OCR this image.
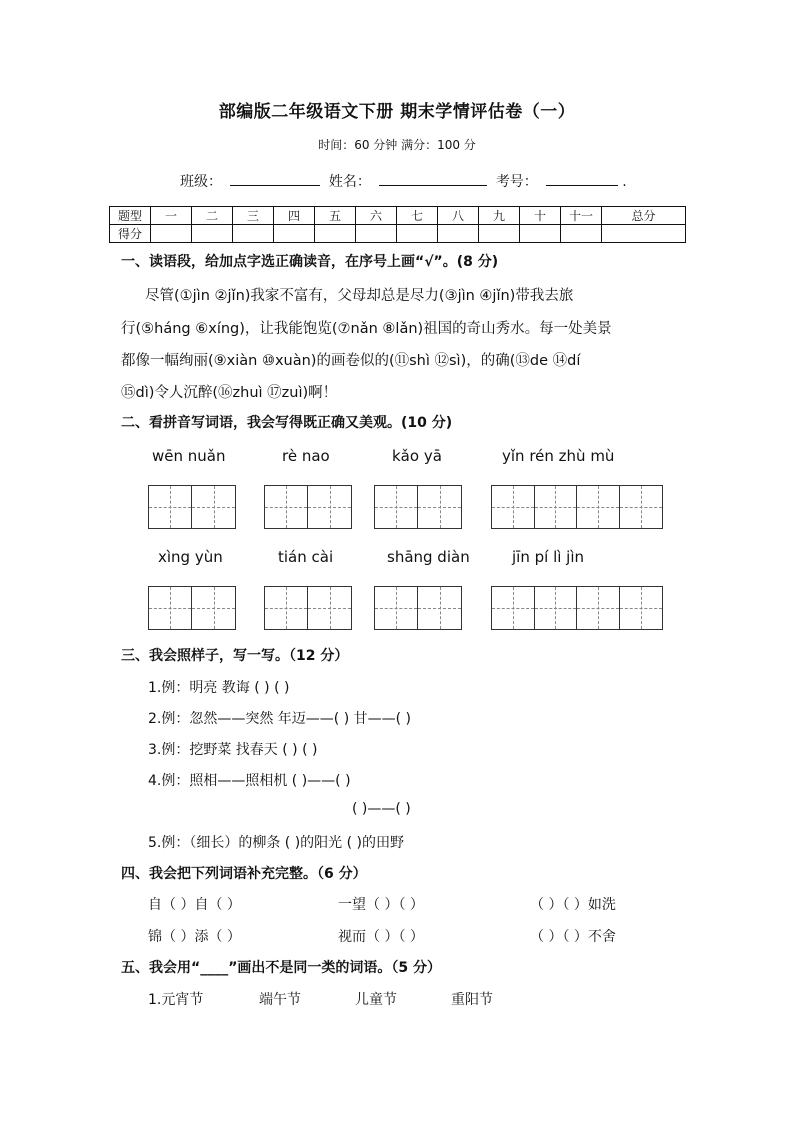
部编版二年级语文下册 期末学情评估卷（一）
时间：60 分钟 满分：100 分
班级：	姓名：	考号：	.
题型	一	二	三	四	五	六	七	八	九	十	十一	总分
得分												
一、读语段，给加点字选正确读音，在序号上画“√”。(8 分)
尽管(①jìn ②jǐn)我家不富有，父母却总是尽力(③jìn ④jǐn)带我去旅
行(⑤háng ⑥xíng)，让我能饱览(⑦nǎn ⑧lǎn)祖国的奇山秀水。每一处美景
都像一幅绚丽(⑨xiàn ⑩xuàn)的画卷似的(⑪shì ⑫sì)，的确(⑬de ⑭dí
⑮dì)令人沉醉(⑯zhuì ⑰zuì)啊！
二、看拼音写词语，我会写得既正确又美观。(10 分)
wēn nuǎn	rè nao	kǎo yā	yǐn rén zhù mù
xìng yùn	tián cài	shāng diàn	jīn pí lì jìn
三、我会照样子，写一写。（12 分）
1.例：明亮 教诲 ( ) ( )
2.例：忽然——突然 年迈——( ) 甘——( )
3.例：挖野菜 找春天 ( ) ( )
4.例：照相——照相机 ( )——( )
( )——( )
5.例：（细长）的柳条 ( )的阳光 ( )的田野
四、我会把下列词语补充完整。（6 分）
自（ ）自（ ）	一望（ ）（ ）	（ ）（ ）如洗
锦（ ）添（ ）	视而（ ）（ ）	（ ）（ ）不舍
五、我会用“____”画出不是同一类的词语。（5 分）
1.元宵节	端午节	儿童节	重阳节
